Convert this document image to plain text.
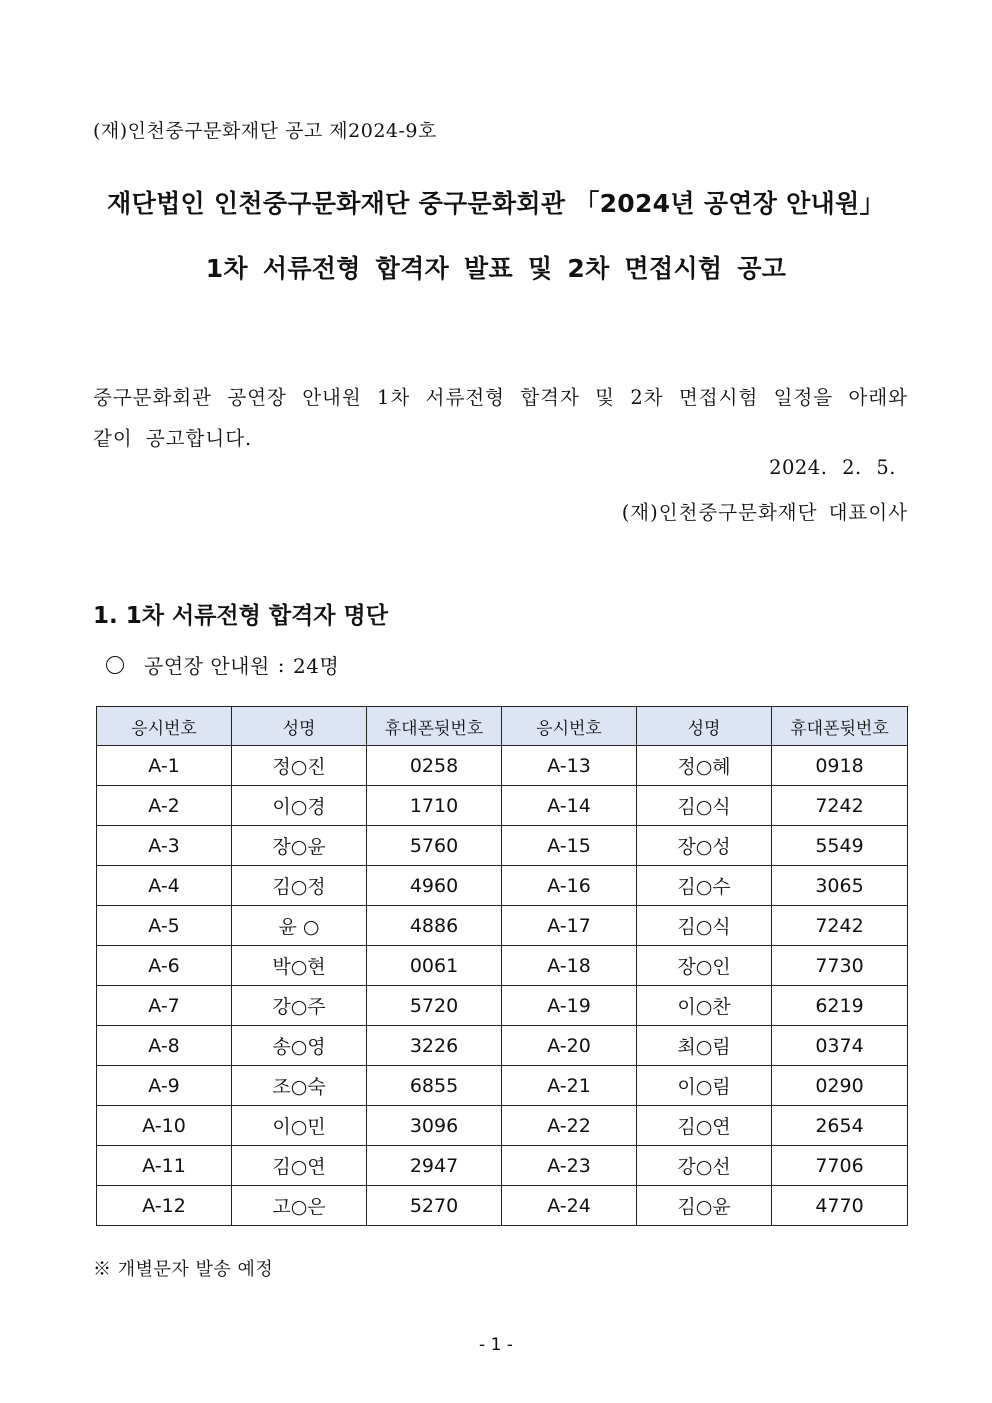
(재)인천중구문화재단 공고 제2024-9호
재단법인 인천중구문화재단 중구문화회관 「2024년 공연장 안내원」
1차 서류전형 합격자 발표 및 2차 면접시험 공고

중구문화회관 공연장 안내원 1차 서류전형 합격자 및 2차 면접시험 일정을 아래와 같이 공고합니다.

2024. 2. 5.
(재)인천중구문화재단 대표이사
1. 1차 서류전형 합격자 명단
공연장 안내원 : 24명
응시번호	성명	휴대폰뒷번호	응시번호	성명	휴대폰뒷번호
A-1	정○진	0258	A-13	정○혜	0918
A-2	이○경	1710	A-14	김○식	7242
A-3	장○윤	5760	A-15	장○성	5549
A-4	김○정	4960	A-16	김○수	3065
A-5	윤 ○	4886	A-17	김○식	7242
A-6	박○현	0061	A-18	장○인	7730
A-7	강○주	5720	A-19	이○찬	6219
A-8	송○영	3226	A-20	최○림	0374
A-9	조○숙	6855	A-21	이○림	0290
A-10	이○민	3096	A-22	김○연	2654
A-11	김○연	2947	A-23	강○선	7706
A-12	고○은	5270	A-24	김○윤	4770
※ 개별문자 발송 예정
- 1 -
